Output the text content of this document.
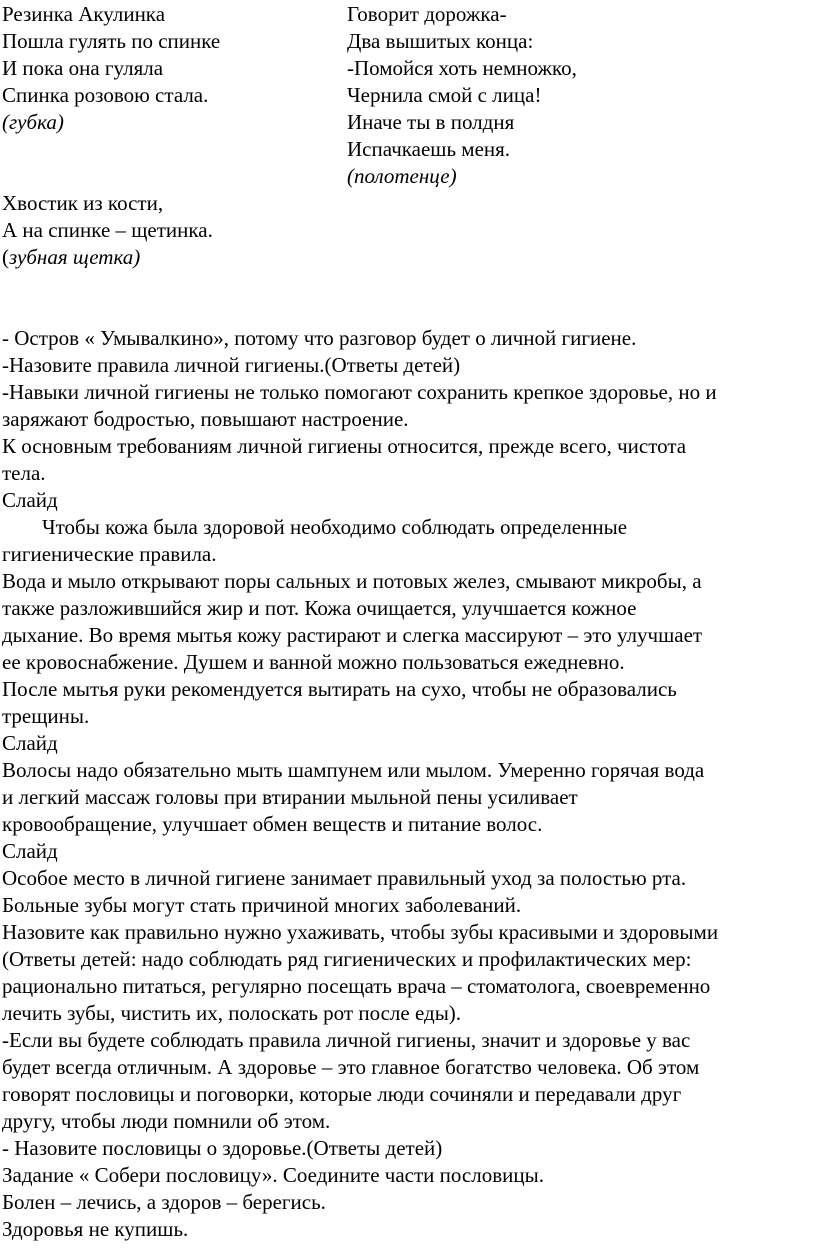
Резинка Акулинка
Пошла гулять по спинке
И пока она гуляла
Спинка розовою стала.
(губка)
Хвостик из кости,
А на спинке – щетинка.
(зубная щетка)
Говорит дорожка-
Два вышитых конца:
-Помойся хоть немножко,
Чернила смой с лица!
Иначе ты в полдня
Испачкаешь меня.
(полотенце)
- Остров « Умывалкино», потому что разговор будет о личной гигиене.
-Назовите правила личной гигиены.(Ответы детей)
-Навыки личной гигиены не только помогают сохранить крепкое здоровье, но и
заряжают бодростью, повышают настроение.
К основным требованиям личной гигиены относится, прежде всего, чистота
тела.
Слайд
Чтобы кожа была здоровой необходимо соблюдать определенные
гигиенические правила.
Вода и мыло открывают поры сальных и потовых желез, смывают микробы, а
также разложившийся жир и пот. Кожа очищается, улучшается кожное
дыхание. Во время мытья кожу растирают и слегка массируют – это улучшает
ее кровоснабжение. Душем и ванной можно пользоваться ежедневно.
После мытья руки рекомендуется вытирать на сухо, чтобы не образовались
трещины.
Слайд
Волосы надо обязательно мыть шампунем или мылом. Умеренно горячая вода
и легкий массаж головы при втирании мыльной пены усиливает
кровообращение, улучшает обмен веществ и питание волос.
Слайд
Особое место в личной гигиене занимает правильный уход за полостью рта.
Больные зубы могут стать причиной многих заболеваний.
Назовите как правильно нужно ухаживать, чтобы зубы красивыми и здоровыми
(Ответы детей: надо соблюдать ряд гигиенических и профилактических мер:
рационально питаться, регулярно посещать врача – стоматолога, своевременно
лечить зубы, чистить их, полоскать рот после еды).
-Если вы будете соблюдать правила личной гигиены, значит и здоровье у вас
будет всегда отличным. А здоровье – это главное богатство человека. Об этом
говорят пословицы и поговорки, которые люди сочиняли и передавали друг
другу, чтобы люди помнили об этом.
- Назовите пословицы о здоровье.(Ответы детей)
Задание « Собери пословицу». Соедините части пословицы.
Болен – лечись, а здоров – берегись.
Здоровья не купишь.
